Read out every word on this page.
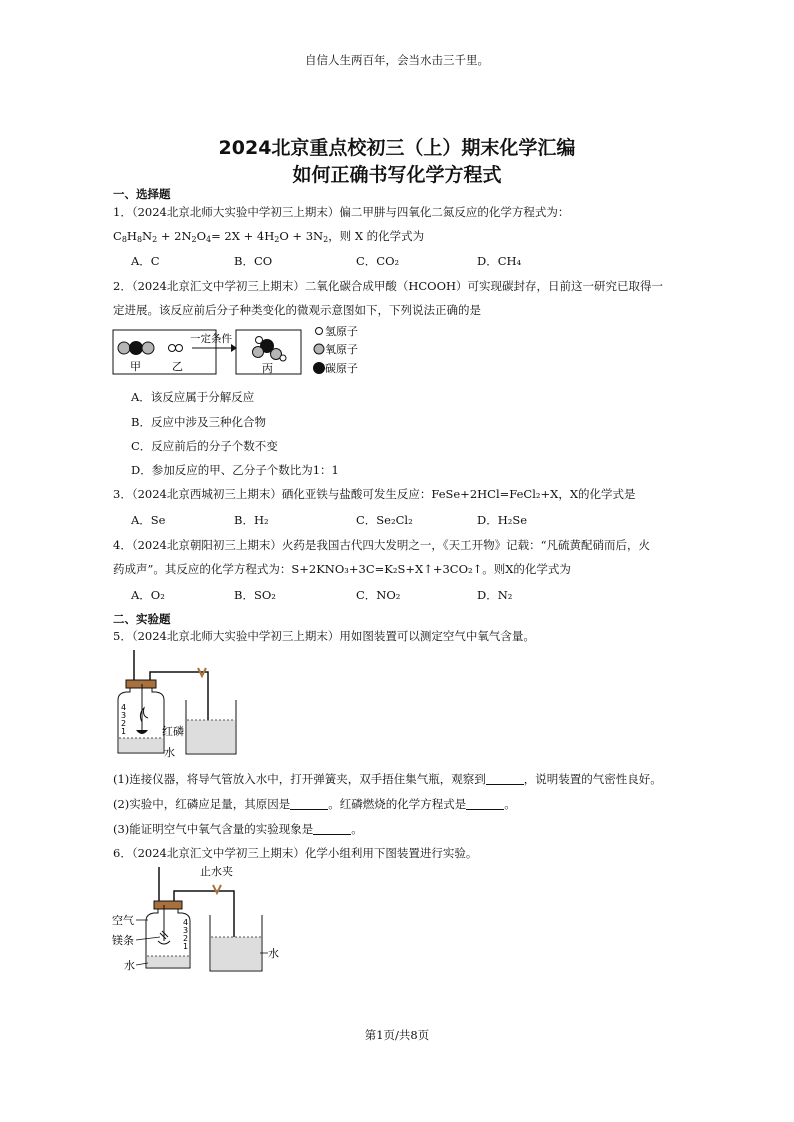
自信人生两百年，会当水击三千里。
2024北京重点校初三（上）期末化学汇编
如何正确书写化学方程式
一、选择题
1．（2024北京北师大实验中学初三上期末）偏二甲肼与四氧化二氮反应的化学方程式为：
$C_8H_8N_2 + 2N_2O_4= 2X + 4H_2O + 3N_2$，则 X 的化学式为
A．C	B．CO	C．CO₂	D．CH₄
2．（2024北京汇文中学初三上期末）二氧化碳合成甲酸（HCOOH）可实现碳封存，日前这一研究已取得一
定进展。该反应前后分子种类变化的微观示意图如下，下列说法正确的是
甲	乙
一定条件
丙
氢原子
氧原子
碳原子
A．该反应属于分解反应
B．反应中涉及三种化合物
C．反应前后的分子个数不变
D．参加反应的甲、乙分子个数比为1：1
3．（2024北京西城初三上期末）硒化亚铁与盐酸可发生反应：FeSe+2HCl=FeCl₂+X，X的化学式是
A．Se	B．H₂	C．Se₂Cl₂	D．H₂Se
4．（2024北京朝阳初三上期末）火药是我国古代四大发明之一，《天工开物》记载：“凡硫黄配硝而后，火
药成声”。其反应的化学方程式为：S+2KNO₃+3C=K₂S+X↑+3CO₂↑。则X的化学式为
A．O₂	B．SO₂	C．NO₂	D．N₂
二、实验题
5．（2024北京北师大实验中学初三上期末）用如图装置可以测定空气中氧气含量。
4
3
2
1	红磷
水
(1)连接仪器，将导气管放入水中，打开弹簧夹，双手捂住集气瓶，观察到	，说明装置的气密性良好。
(2)实验中，红磷应足量，其原因是	。红磷燃烧的化学方程式是	。
(3)能证明空气中氧气含量的实验现象是	。
6．（2024北京汇文中学初三上期末）化学小组利用下图装置进行实验。
4
3
2
1
止水夹
空气
镁条
水
水
第1页/共8页
